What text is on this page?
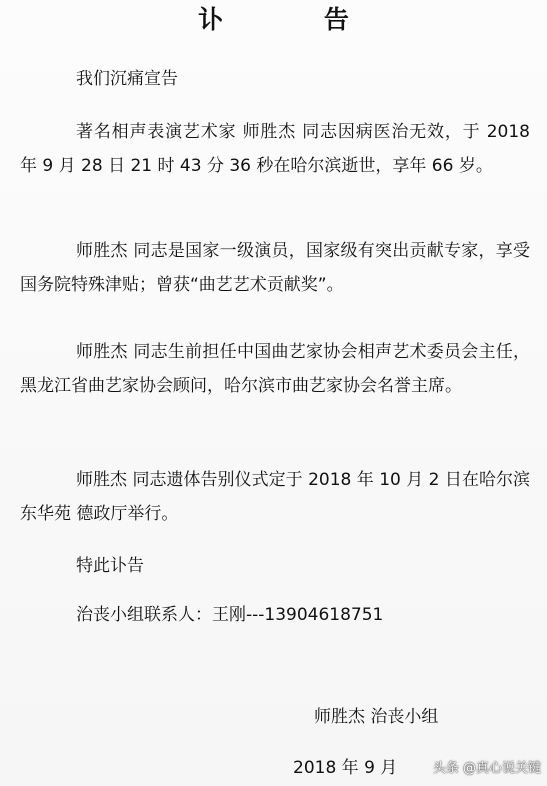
讣 告
我们沉痛宣告
著名相声表演艺术家 师胜杰 同志因病医治无效，于 2018 年 9 月 28 日 21 时 43 分 36 秒在哈尔滨逝世，享年 66 岁。
师胜杰 同志是国家一级演员，国家级有突出贡献专家，享受国务院特殊津贴；曾获“曲艺艺术贡献奖”。
师胜杰 同志生前担任中国曲艺家协会相声艺术委员会主任，黑龙江省曲艺家协会顾问，哈尔滨市曲艺家协会名誉主席。
师胜杰 同志遗体告别仪式定于 2018 年 10 月 2 日在哈尔滨东华苑 德政厅举行。
特此讣告
治丧小组联系人：王刚---13904618751
师胜杰 治丧小组
2018 年 9 月	头条 @真心说关键
